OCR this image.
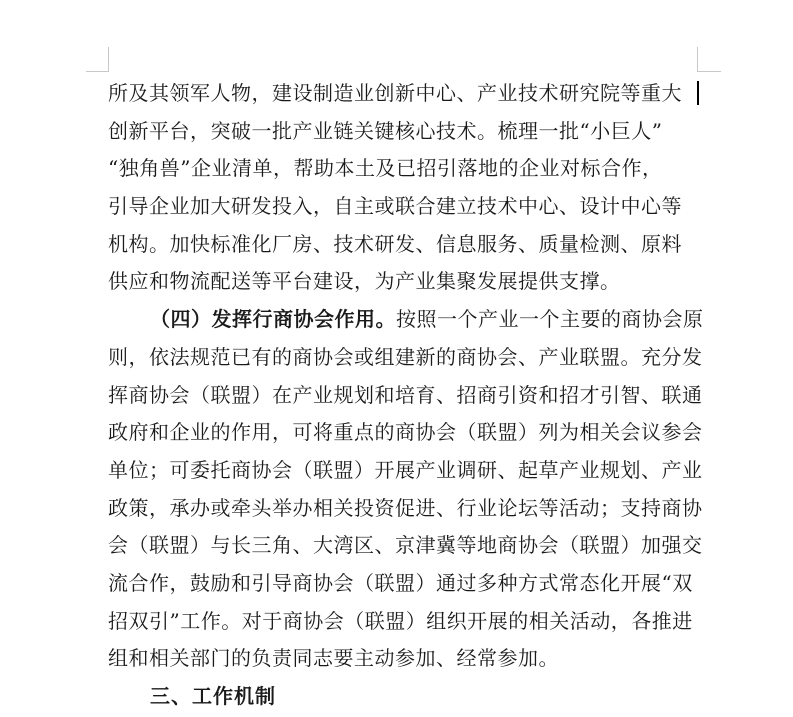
所及其领军人物，建设制造业创新中心、产业技术研究院等重大
创新平台，突破一批产业链关键核心技术。梳理一批“小巨人”
“独角兽”企业清单，帮助本土及已招引落地的企业对标合作，
引导企业加大研发投入，自主或联合建立技术中心、设计中心等
机构。加快标准化厂房、技术研发、信息服务、质量检测、原料
供应和物流配送等平台建设，为产业集聚发展提供支撑。
（四）发挥行商协会作用。按照一个产业一个主要的商协会原
则，依法规范已有的商协会或组建新的商协会、产业联盟。充分发
挥商协会（联盟）在产业规划和培育、招商引资和招才引智、联通
政府和企业的作用，可将重点的商协会（联盟）列为相关会议参会
单位；可委托商协会（联盟）开展产业调研、起草产业规划、产业
政策，承办或牵头举办相关投资促进、行业论坛等活动；支持商协
会（联盟）与长三角、大湾区、京津冀等地商协会（联盟）加强交
流合作，鼓励和引导商协会（联盟）通过多种方式常态化开展“双
招双引”工作。对于商协会（联盟）组织开展的相关活动，各推进
组和相关部门的负责同志要主动参加、经常参加。
三、工作机制
